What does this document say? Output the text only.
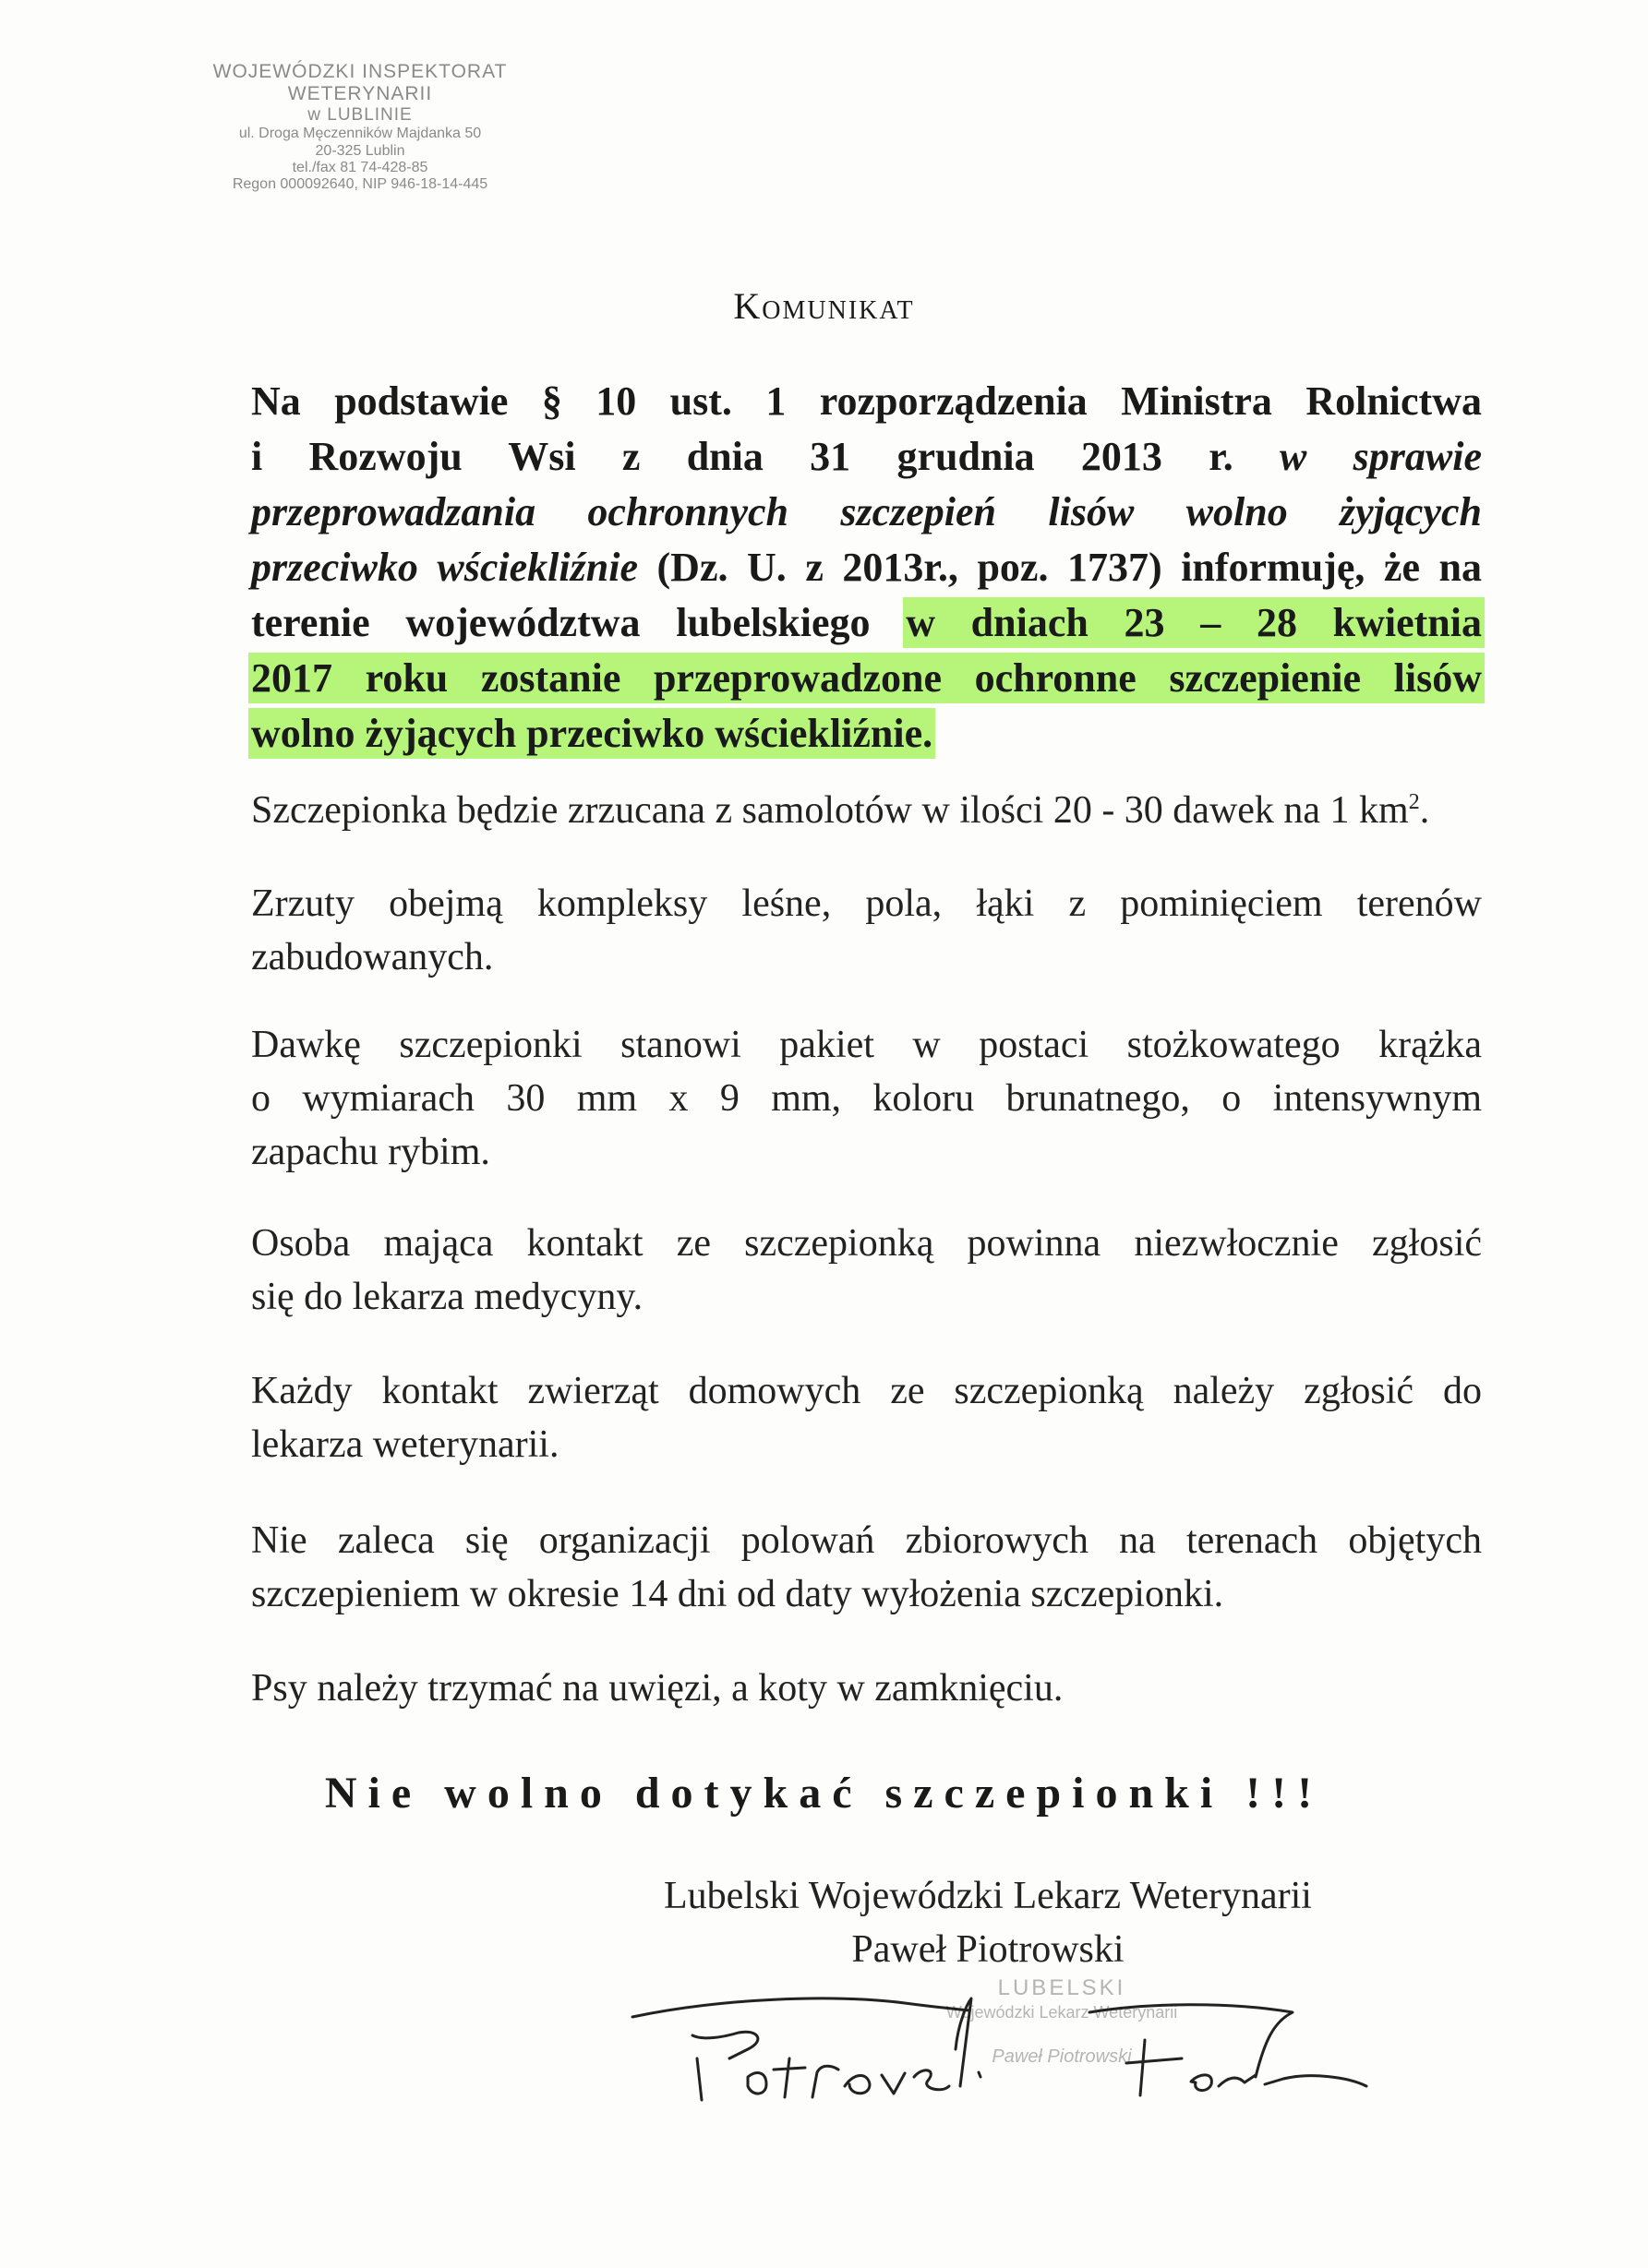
WOJEWÓDZKI INSPEKTORAT WETERYNARII
w LUBLINIE
ul. Droga Męczenników Majdanka 50
20-325 Lublin
tel./fax 81 74-428-85
Regon 000092640, NIP 946-18-14-445
Komunikat
Na podstawie § 10 ust. 1 rozporządzenia Ministra Rolnictwa
i Rozwoju Wsi z dnia 31 grudnia 2013 r. w sprawie
przeprowadzania ochronnych szczepień lisów wolno żyjących
przeciwko wściekliźnie (Dz. U. z 2013r., poz. 1737) informuję, że na
terenie województwa lubelskiego w dniach 23 – 28 kwietnia
2017 roku zostanie przeprowadzone ochronne szczepienie lisów
wolno żyjących przeciwko wściekliźnie.
Szczepionka będzie zrzucana z samolotów w ilości 20 - 30 dawek na 1 $km^2$.
Zrzuty obejmą kompleksy leśne, pola, łąki z pominięciem terenów
zabudowanych.
Dawkę szczepionki stanowi pakiet w postaci stożkowatego krążka
o wymiarach 30 mm x 9 mm, koloru brunatnego, o intensywnym
zapachu rybim.
Osoba mająca kontakt ze szczepionką powinna niezwłocznie zgłosić
się do lekarza medycyny.
Każdy kontakt zwierząt domowych ze szczepionką należy zgłosić do
lekarza weterynarii.
Nie zaleca się organizacji polowań zbiorowych na terenach objętych
szczepieniem w okresie 14 dni od daty wyłożenia szczepionki.
Psy należy trzymać na uwięzi, a koty w zamknięciu.
Nie wolno dotykać szczepionki !!!
Lubelski Wojewódzki Lekarz Weterynarii
Paweł Piotrowski
LUBELSKI
Wojewódzki Lekarz Weterynarii
Paweł Piotrowski
